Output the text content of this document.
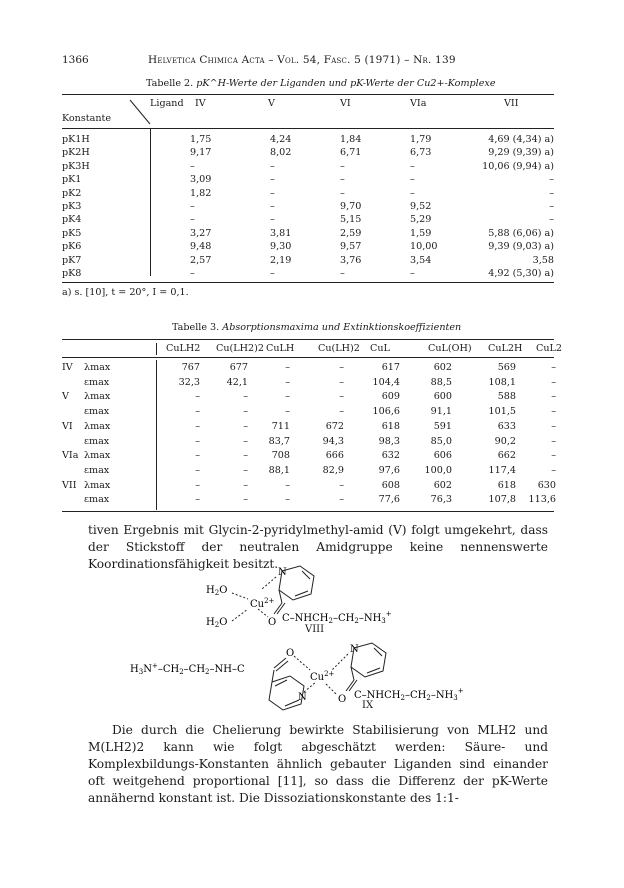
1366	Helvetica Chimica Acta – Vol. 54, Fasc. 5 (1971) – Nr. 139
Tabelle 2. pK^H-Werte der Liganden und pK-Werte der Cu2+-Komplexe
Ligand
Konstante
IV	V	VI	VIa	VII
pK1H	1,75	4,24	1,84	1,79	4,69 (4,34) a)
pK2H	9,17	8,02	6,71	6,73	9,29 (9,39) a)
pK3H	–	–	–	–	10,06 (9,94) a)
pK1	3,09	–	–	–	–
pK2	1,82	–	–	–	–
pK3	–	–	9,70	9,52	–
pK4	–	–	5,15	5,29	–
pK5	3,27	3,81	2,59	1,59	5,88 (6,06) a)
pK6	9,48	9,30	9,57	10,00	9,39 (9,03) a)
pK7	2,57	2,19	3,76	3,54	3,58
pK8	–	–	–	–	4,92 (5,30) a)
a) s. [10], t = 20°, I = 0,1.
Tabelle 3. Absorptionsmaxima und Extinktionskoeffizienten
CuLH2 Cu(LH2)2 CuLH Cu(LH)2 CuL	CuL(OH) CuL2H CuL2
IV λmax	767	677	–	–	617	602	569	–
εmax	32,3	42,1	–	–	104,4	88,5	108,1	–
V λmax	–	–	–	–	609	600	588	–
εmax	–	–	–	–	106,6	91,1	101,5	–
VI λmax	–	–	711	672	618	591	633	–
εmax	–	–	83,7	94,3	98,3	85,0	90,2	–
VIa λmax	–	–	708	666	632	606	662	–
εmax	–	–	88,1	82,9	97,6	100,0	117,4	–
VII λmax	–	–	–	–	608	602	618	630
εmax	–	–	–	–	77,6	76,3	107,8	113,6
tiven Ergebnis mit Glycin-2-pyridylmethyl-amid (V) folgt umgekehrt, dass der Stickstoff der neutralen Amidgruppe keine nennenswerte Koordinationsfähigkeit besitzt.
$H_2O$
$Cu^{2+}$
$H_2O$
N
O $C-NHCH_2-CH_2-NH_3^+$
VIII
$H_3N^+-CH_2-CH_2-NH-C$
O
$Cu^{2+}$
N
N	O $C-NHCH_2-CH_2-NH_3^+$
IX
Die durch die Chelierung bewirkte Stabilisierung von MLH2 und M(LH2)2 kann wie folgt abgeschätzt werden: Säure- und Komplexbildungs-Konstanten ähnlich gebauter Liganden sind einander oft weitgehend proportional [11], so dass die Differenz der pK-Werte annähernd konstant ist. Die Dissoziationskonstante des 1:1-
